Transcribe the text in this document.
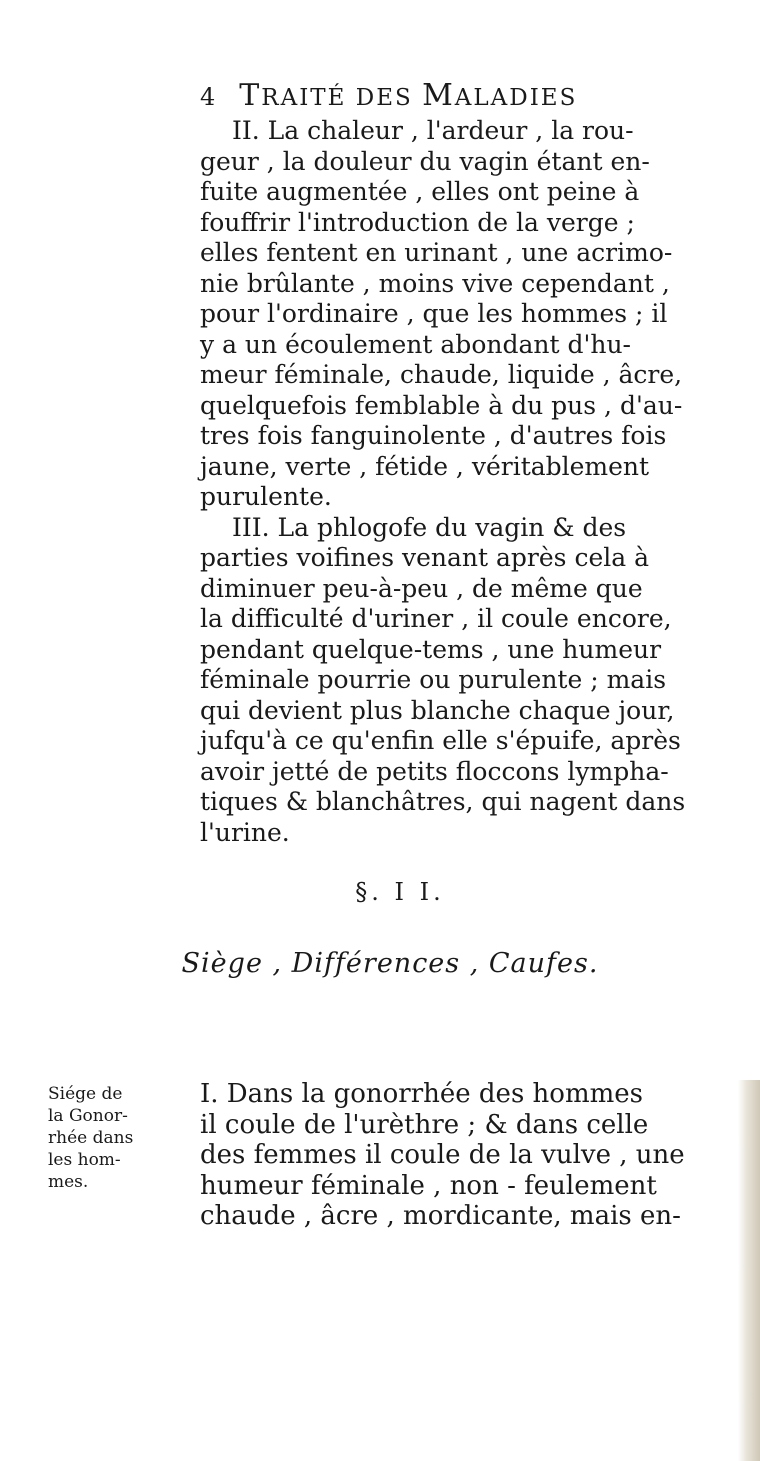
4 TRAITÉ DES MALADIES
II. La chaleur , l'ardeur , la rou-
geur , la douleur du vagin étant en-
fuite augmentée , elles ont peine à
fouffrir l'introduction de la verge ;
elles fentent en urinant , une acrimo-
nie brûlante , moins vive cependant ,
pour l'ordinaire , que les hommes ; il
y a un écoulement abondant d'hu-
meur féminale, chaude, liquide , âcre,
quelquefois femblable à du pus , d'au-
tres fois fanguinolente , d'autres fois
jaune, verte , fétide , véritablement
purulente.
III. La phlogofe du vagin & des
parties voifines venant après cela à
diminuer peu-à-peu , de même que
la difficulté d'uriner , il coule encore,
pendant quelque-tems , une humeur
féminale pourrie ou purulente ; mais
qui devient plus blanche chaque jour,
jufqu'à ce qu'enfin elle s'épuife, après
avoir jetté de petits floccons lympha-
tiques & blanchâtres, qui nagent dans
l'urine.
§. I I.
Siège , Différences , Caufes.
Siége de
la Gonor-
rhée dans
les hom-
mes.
I. Dans la gonorrhée des hommes
il coule de l'urèthre ; & dans celle
des femmes il coule de la vulve , une
humeur féminale , non - feulement
chaude , âcre , mordicante, mais en-
